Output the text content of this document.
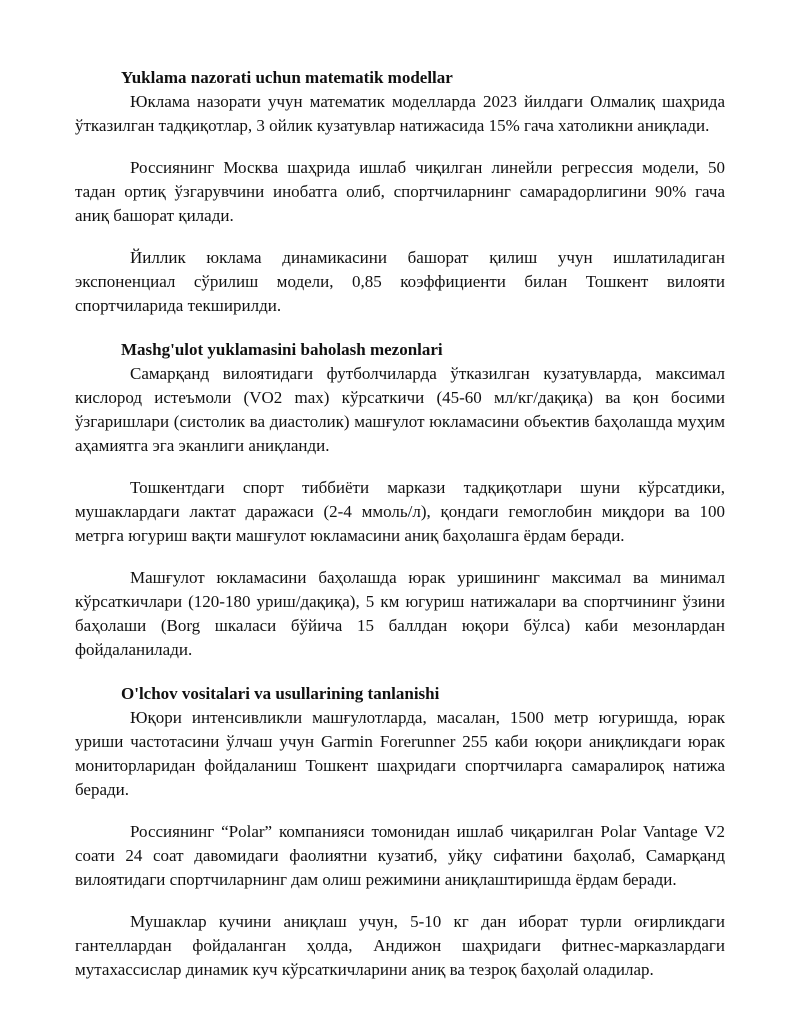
Yuklama nazorati uchun matematik modellar

Юклама назорати учун математик моделларда 2023 йилдаги Олмалиқ шаҳрида ўтказилган тадқиқотлар, 3 ойлик кузатувлар натижасида 15% гача хатоликни аниқлади.

Россиянинг Москва шаҳрида ишлаб чиқилган линейли регрессия модели, 50 тадан ортиқ ўзгарувчини инобатга олиб, спортчиларнинг самарадорлигини 90% гача аниқ башорат қилади.

Йиллик юклама динамикасини башорат қилиш учун ишлатиладиган экспоненциал сўрилиш модели, 0,85 коэффициенти билан Тошкент вилояти спортчиларида текширилди.

Mashg'ulot yuklamasini baholash mezonlari

Самарқанд вилоятидаги футболчиларда ўтказилган кузатувларда, максимал кислород истеъмоли (VO2 max) кўрсаткичи (45-60 мл/кг/дақиқа) ва қон босими ўзгаришлари (систолик ва диастолик) машғулот юкламасини объектив баҳолашда муҳим аҳамиятга эга эканлиги аниқланди.

Тошкентдаги спорт тиббиёти маркази тадқиқотлари шуни кўрсатдики, мушаклардаги лактат даражаси (2-4 ммоль/л), қондаги гемоглобин миқдори ва 100 метрга югуриш вақти машғулот юкламасини аниқ баҳолашга ёрдам беради.

Машғулот юкламасини баҳолашда юрак уришининг максимал ва минимал кўрсаткичлари (120-180 уриш/дақиқа), 5 км югуриш натижалари ва спортчининг ўзини баҳолаши (Borg шкаласи бўйича 15 баллдан юқори бўлса) каби мезонлардан фойдаланилади.

O'lchov vositalari va usullarining tanlanishi

Юқори интенсивликли машғулотларда, масалан, 1500 метр югуришда, юрак уриши частотасини ўлчаш учун Garmin Forerunner 255 каби юқори аниқликдаги юрак мониторларидан фойдаланиш Тошкент шаҳридаги спортчиларга самаралироқ натижа беради.

Россиянинг “Polar” компанияси томонидан ишлаб чиқарилган Polar Vantage V2 соати 24 соат давомидаги фаолиятни кузатиб, уйқу сифатини баҳолаб, Самарқанд вилоятидаги спортчиларнинг дам олиш режимини аниқлаштиришда ёрдам беради.

Мушаклар кучини аниқлаш учун, 5-10 кг дан иборат турли оғирликдаги гантеллардан фойдаланган ҳолда, Андижон шаҳридаги фитнес-марказлардаги мутахассислар динамик куч кўрсаткичларини аниқ ва тезроқ баҳолай оладилар.
